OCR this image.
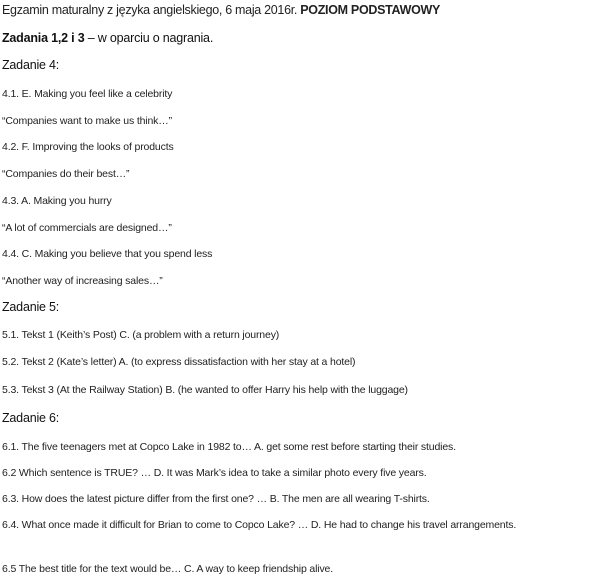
Egzamin maturalny z języka angielskiego, 6 maja 2016r. POZIOM PODSTAWOWY
Zadania 1,2 i 3 – w oparciu o nagrania.
Zadanie 4:
4.1. E. Making you feel like a celebrity
“Companies want to make us think…”
4.2. F. Improving the looks of products
“Companies do their best…”
4.3. A. Making you hurry
“A lot of commercials are designed…”
4.4. C. Making you believe that you spend less
“Another way of increasing sales…”
Zadanie 5:
5.1. Tekst 1 (Keith’s Post) C. (a problem with a return journey)
5.2. Tekst 2 (Kate’s letter) A. (to express dissatisfaction with her stay at a hotel)
5.3. Tekst 3 (At the Railway Station) B. (he wanted to offer Harry his help with the luggage)
Zadanie 6:
6.1. The five teenagers met at Copco Lake in 1982 to… A. get some rest before starting their studies.
6.2 Which sentence is TRUE? … D. It was Mark’s idea to take a similar photo every five years.
6.3. How does the latest picture differ from the first one? … B. The men are all wearing T-shirts.
6.4. What once made it difficult for Brian to come to Copco Lake? … D. He had to change his travel arrangements.
6.5 The best title for the text would be… C. A way to keep friendship alive.
